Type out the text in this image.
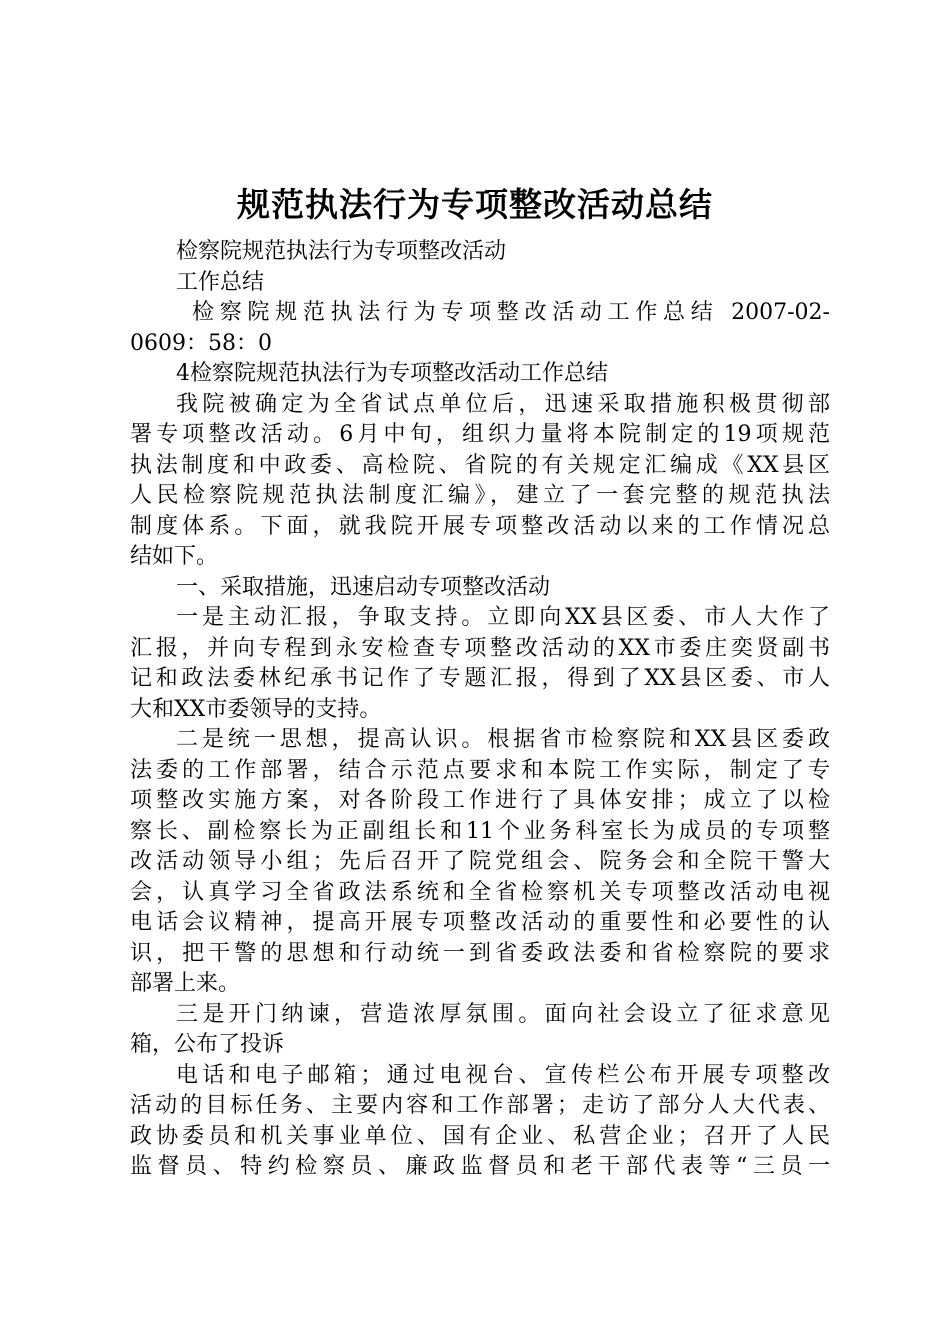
规范执法行为专项整改活动总结
检察院规范执法行为专项整改活动
工作总结
检察院规范执法行为专项整改活动工作总结 2007-02-
0609：58：0
4检察院规范执法行为专项整改活动工作总结
我院被确定为全省试点单位后，迅速采取措施积极贯彻部
署专项整改活动。6月中旬，组织力量将本院制定的19项规范
执法制度和中政委、高检院、省院的有关规定汇编成《XX县区
人民检察院规范执法制度汇编》，建立了一套完整的规范执法
制度体系。下面，就我院开展专项整改活动以来的工作情况总
结如下。
一、采取措施，迅速启动专项整改活动
一是主动汇报，争取支持。立即向XX县区委、市人大作了
汇报，并向专程到永安检查专项整改活动的XX市委庄奕贤副书
记和政法委林纪承书记作了专题汇报，得到了XX县区委、市人
大和XX市委领导的支持。
二是统一思想，提高认识。根据省市检察院和XX县区委政
法委的工作部署，结合示范点要求和本院工作实际，制定了专
项整改实施方案，对各阶段工作进行了具体安排；成立了以检
察长、副检察长为正副组长和11个业务科室长为成员的专项整
改活动领导小组；先后召开了院党组会、院务会和全院干警大
会，认真学习全省政法系统和全省检察机关专项整改活动电视
电话会议精神，提高开展专项整改活动的重要性和必要性的认
识，把干警的思想和行动统一到省委政法委和省检察院的要求
部署上来。
三是开门纳谏，营造浓厚氛围。面向社会设立了征求意见
箱，公布了投诉
电话和电子邮箱；通过电视台、宣传栏公布开展专项整改
活动的目标任务、主要内容和工作部署；走访了部分人大代表、
政协委员和机关事业单位、国有企业、私营企业；召开了人民
监督员、特约检察员、廉政监督员和老干部代表等“三员一
